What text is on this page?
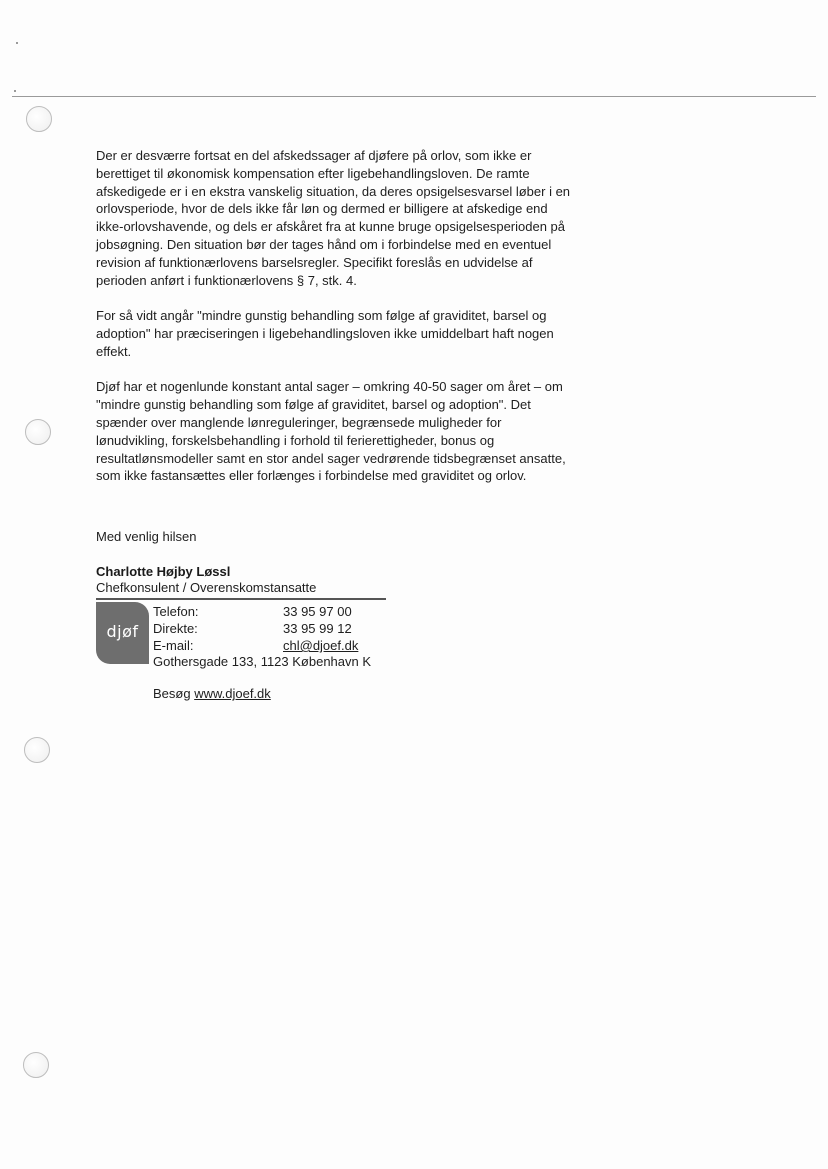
Der er desværre fortsat en del afskedssager af djøfere på orlov, som ikke er
berettiget til økonomisk kompensation efter ligebehandlingsloven. De ramte
afskedigede er i en ekstra vanskelig situation, da deres opsigelsesvarsel løber i en
orlovsperiode, hvor de dels ikke får løn og dermed er billigere at afskedige end
ikke-orlovshavende, og dels er afskåret fra at kunne bruge opsigelsesperioden på
jobsøgning. Den situation bør der tages hånd om i forbindelse med en eventuel
revision af funktionærlovens barselsregler. Specifikt foreslås en udvidelse af
perioden anført i funktionærlovens § 7, stk. 4.

For så vidt angår "mindre gunstig behandling som følge af graviditet, barsel og
adoption" har præciseringen i ligebehandlingsloven ikke umiddelbart haft nogen
effekt.

Djøf har et nogenlunde konstant antal sager – omkring 40-50 sager om året – om
"mindre gunstig behandling som følge af graviditet, barsel og adoption". Det
spænder over manglende lønreguleringer, begrænsede muligheder for
lønudvikling, forskelsbehandling i forhold til ferierettigheder, bonus og
resultatlønsmodeller samt en stor andel sager vedrørende tidsbegrænset ansatte,
som ikke fastansættes eller forlænges i forbindelse med graviditet og orlov.

Med venlig hilsen
Charlotte Højby Løssl
Chefkonsulent / Overenskomstansatte
djøf
Telefon:	33 95 97 00
Direkte:	33 95 99 12
E-mail:	chl@djoef.dk
Gothersgade 133, 1123 København K
Besøg www.djoef.dk
